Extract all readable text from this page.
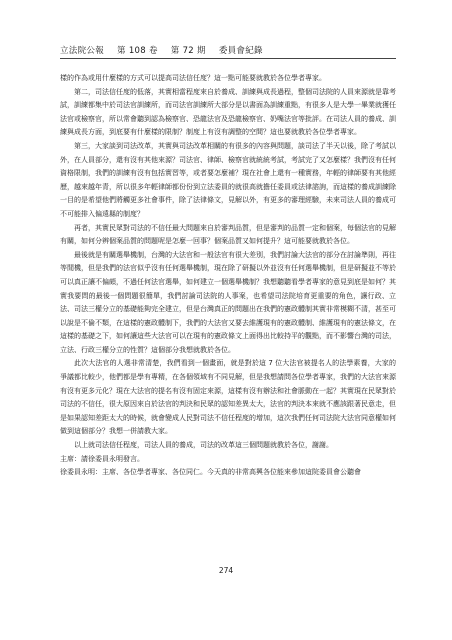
立法院公報 第 108 卷 第 72 期 委員會紀錄

樣的作為或用什麼樣的方式可以提高司法信任度？這一點可能要就教於各位學者專家。

第二，司法信任度的低落，其實相當程度來自於養成、訓練與成長過程，整個司法院的人員來源就是靠考試，訓練都集中於司法官訓練所，而司法官訓練所大部分是以書面為訓練重點，有很多人是大學一畢業就獲任法官或檢察官，所以常會聽到認為檢察官、恐龍法官及恐龍檢察官、奶嘴法官等批評。在司法人員的養成、訓練與成長方面，到底要有什麼樣的限制？制度上有沒有調整的空間？這也要就教於各位學者專家。

第三，大家談到司法改革，其實與司法改革相關的有很多的內容與問題，談司法了半天以後，除了考試以外，在人員部分，還有沒有其他來源？司法官、律師、檢察官就統統考試，考試完了又怎麼樣？我們沒有任何資格限制，我們的訓練有沒有包括實習等，或者要怎麼補？現在社會上還有一種實務，年輕的律師要有其他經歷，越來越年青，所以很多年輕律師都份份到立法委員的就很高就擔任委員或法律諮詢，而這樣的養成訓練除一目的是希望他們將觸更多社會事件，除了法律條文，見解以外，有更多的審理經驗，未來司法人員的養成可不可能排入偏遠縣的制度？

再者，其實民眾對司法的不信任最大問題來自於審判品質，但是審判的品質一定和個案，每個法官的見解有關，如何分辨個案品質的問題呢是怎麼一回事？個案品質又如何提升？這可能要就教於各位。

最後就是有關選舉機制，台灣的大法官和一般法官有很大差別，我們討論大法官的部分在討論準則，再往等閒機，但是我們的法官似乎沒有任何選舉機制，現在除了研擬以外並沒有任何選舉機制，但是研擬並不等於可以真正讓不偏頗，不過任何法官選舉，如何建立一個選舉機制？我想聽聽看學者專家的意見到底是如何？其實我要問的最後一個問題很簡單，我們討論司法院的人事案，也希望司法院培育更重要的角色，讓行政、立法、司法三權分立的基礎能夠完全建立，但是台灣真正的問題出在我們的憲政體制其實非常模糊不清，甚至可以說是不倫不類，在這樣的憲政體制下，我們的大法官又要去維護現有的憲政體制、維護現有的憲法條文，在這樣的基礎之下，如何讓這些大法官可以在現有的憲政條文上面得出比較持平的觀點，而不影響台灣的司法，立法、行政三權分立的性質？這個部分我想就教於各位。

此次大法官的人選非常清楚，我們看到一個畫面，就是對於這 7 位大法官被提名人的法學素養，大家的爭議都比較少，他們都是學有專精，在各個領域有不同見解，但是我想請問各位學者專家，我們的大法官來源有沒有更多元化？現在大法官的提名有沒有固定來源，這樣有沒有辦法和社會脈動在一起？其實現在民眾對於司法的不信任，很大原因來自於法官的判決和民眾的認知差異太大，法官的判決本來就不應該跟著民意走，但是如果認知差距太大的時候，就會變成人民對司法不信任程度的增加，這次我們任何司法院大法官同意權如何做到這個部分？我想一併請教大家。

以上就司法信任程度，司法人員的養成，司法的改革這三個問題就教於各位，謝謝。

主席：請徐委員永明發言。

徐委員永明：主席、各位學者專家、各位同仁。今天真的非常高興各位能來參加這院委員會公聽會

274
